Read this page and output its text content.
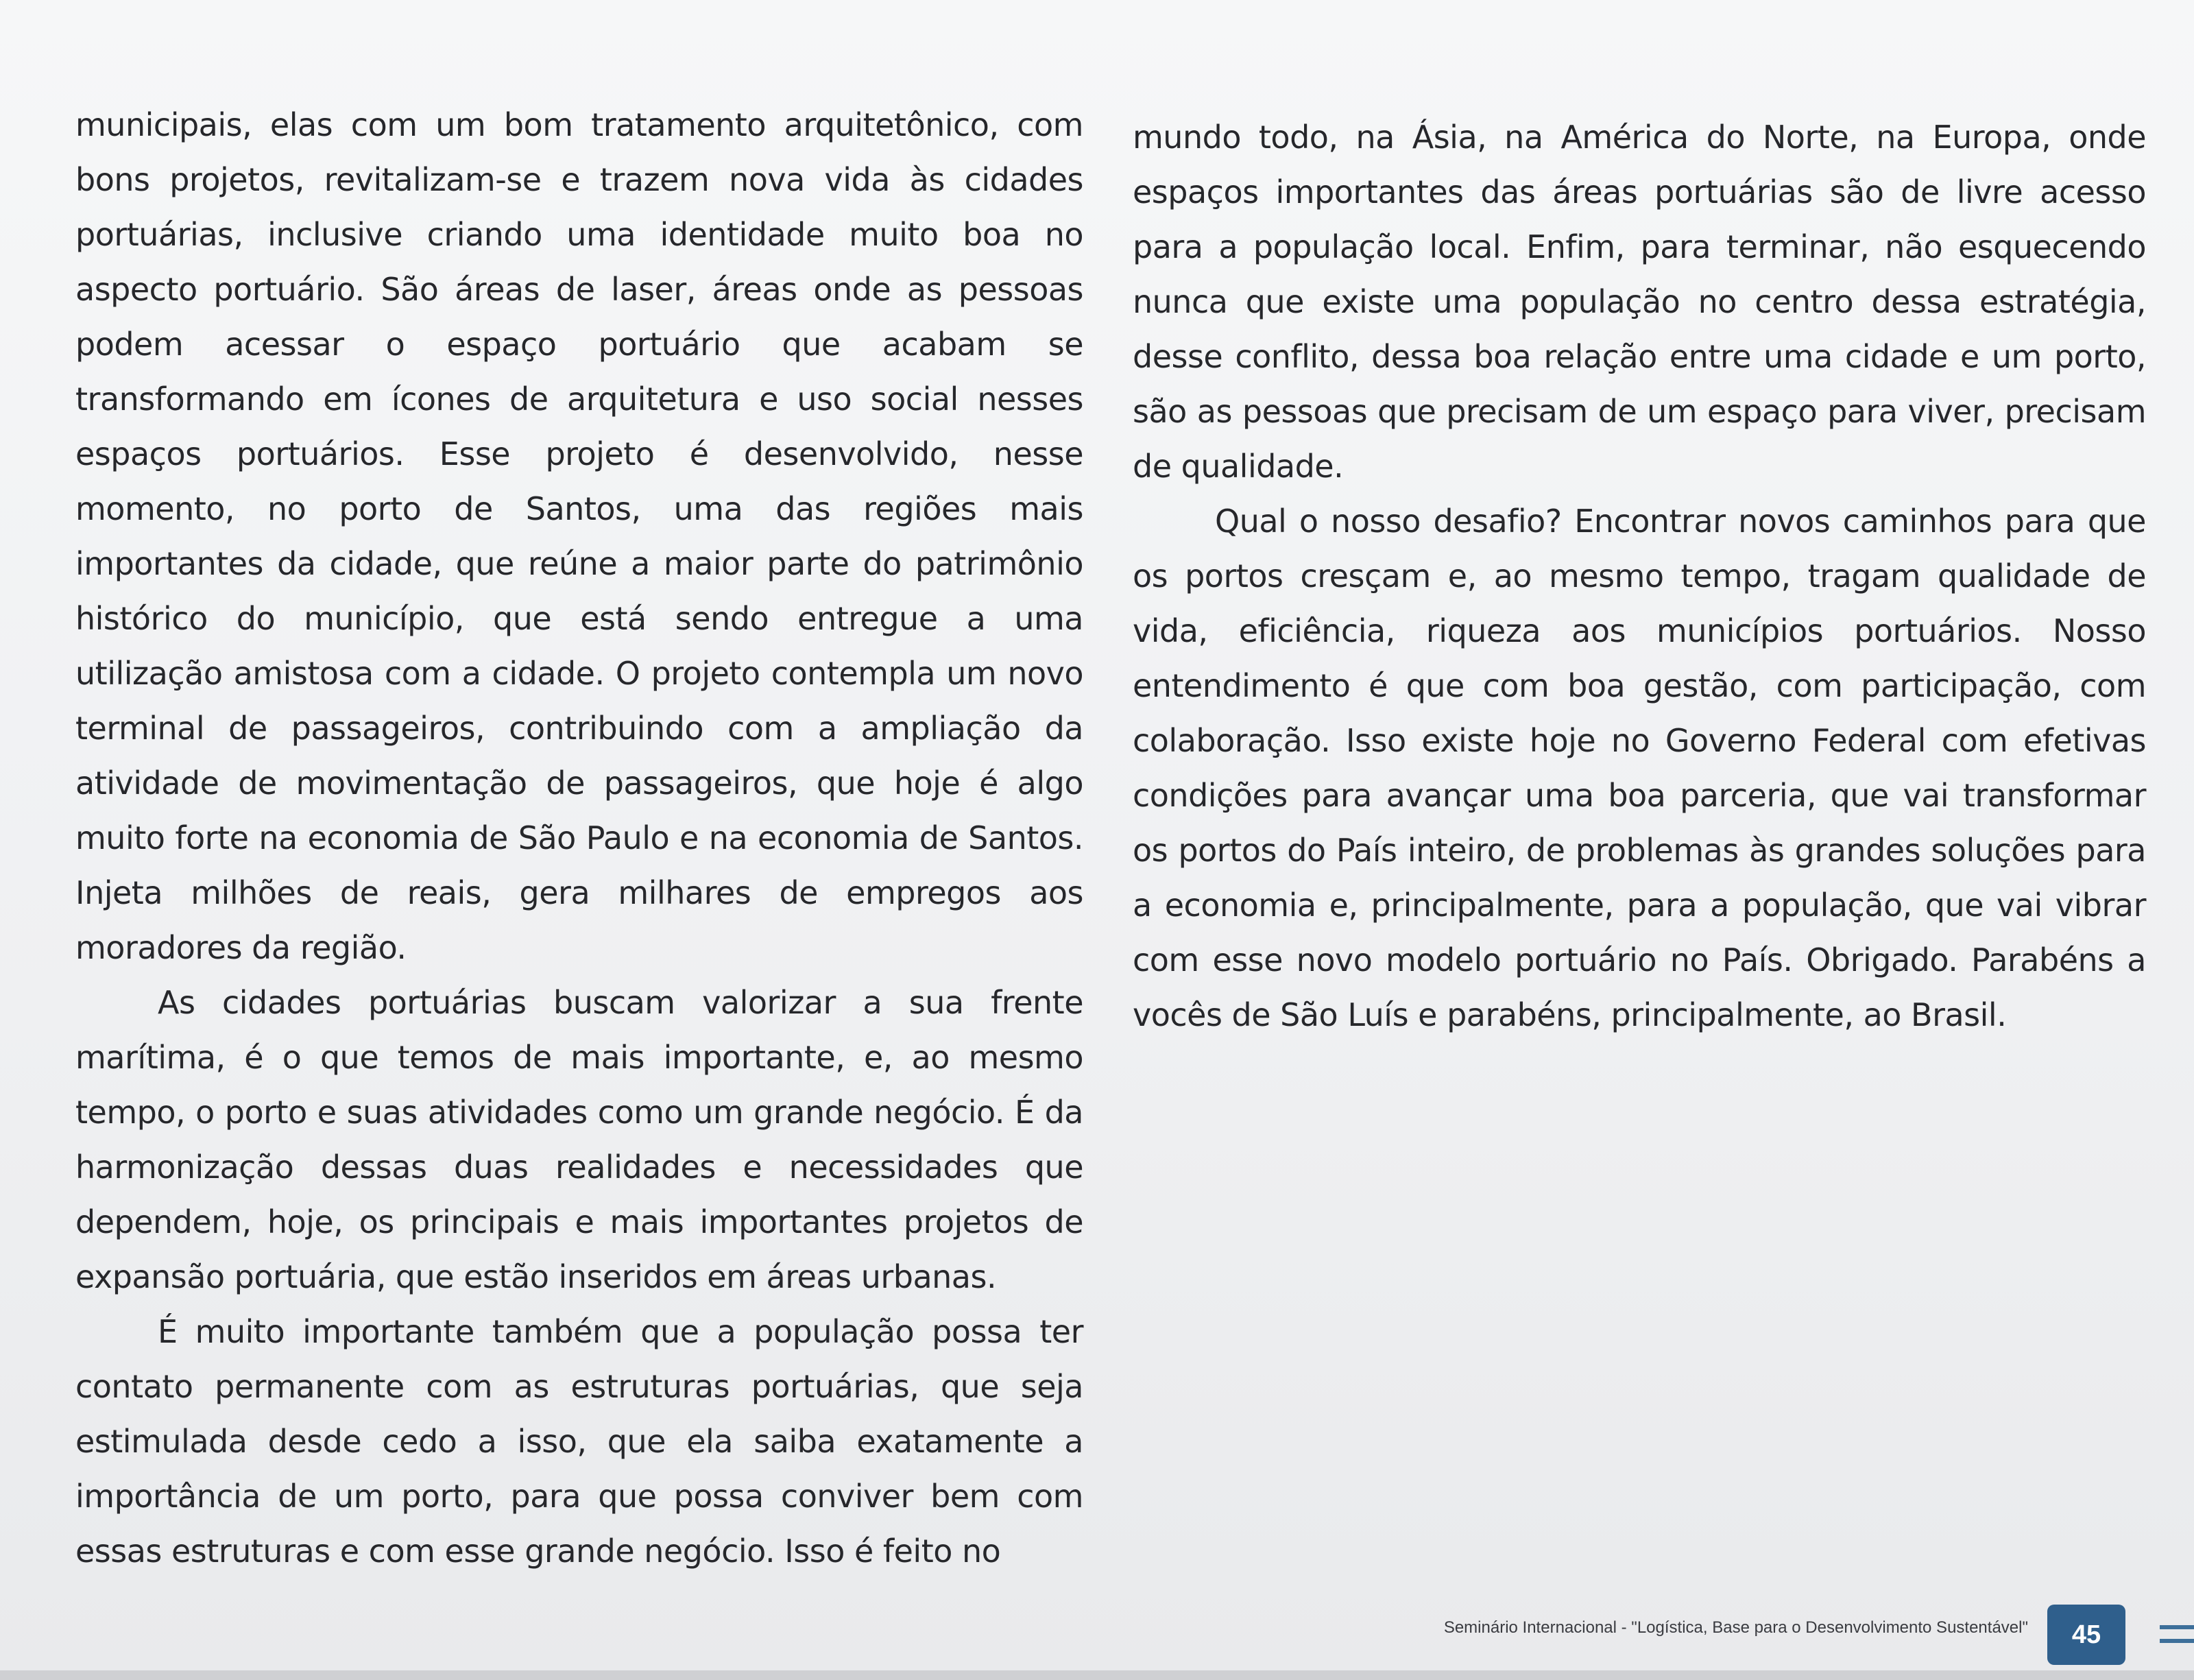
municipais, elas com um bom tratamento arquitetônico, com bons projetos, revitalizam-se e trazem nova vida às cidades portuárias, inclusive criando uma identidade muito boa no aspecto portuário. São áreas de laser, áreas onde as pessoas podem acessar o espaço portuário que acabam se transformando em ícones de arquitetura e uso social nesses espaços portuários. Esse projeto é desenvolvido, nesse momento, no porto de Santos, uma das regiões mais importantes da cidade, que reúne a maior parte do patrimônio histórico do município, que está sendo entregue a uma utilização amistosa com a cidade. O projeto contempla um novo terminal de passageiros, contribuindo com a ampliação da atividade de movimentação de passageiros, que hoje é algo muito forte na economia de São Paulo e na economia de Santos. Injeta milhões de reais, gera milhares de empregos aos moradores da região.

As cidades portuárias buscam valorizar a sua frente marítima, é o que temos de mais importante, e, ao mesmo tempo, o porto e suas atividades como um grande negócio. É da harmonização dessas duas realidades e necessidades que dependem, hoje, os principais e mais importantes projetos de expansão portuária, que estão inseridos em áreas urbanas.

É muito importante também que a população possa ter contato permanente com as estruturas portuárias, que seja estimulada desde cedo a isso, que ela saiba exatamente a importância de um porto, para que possa conviver bem com essas estruturas e com esse grande negócio. Isso é feito no

mundo todo, na Ásia, na América do Norte, na Europa, onde espaços importantes das áreas portuárias são de livre acesso para a população local. Enfim, para terminar, não esquecendo nunca que existe uma população no centro dessa estratégia, desse conflito, dessa boa relação entre uma cidade e um porto, são as pessoas que precisam de um espaço para viver, precisam de qualidade.

Qual o nosso desafio? Encontrar novos caminhos para que os portos cresçam e, ao mesmo tempo, tragam qualidade de vida, eficiência, riqueza aos municípios portuários. Nosso entendimento é que com boa gestão, com participação, com colaboração. Isso existe hoje no Governo Federal com efetivas condições para avançar uma boa parceria, que vai transformar os portos do País inteiro, de problemas às grandes soluções para a economia e, principalmente, para a população, que vai vibrar com esse novo modelo portuário no País. Obrigado. Parabéns a vocês de São Luís e parabéns, principalmente, ao Brasil.

Seminário Internacional - "Logística, Base para o Desenvolvimento Sustentável" 45
